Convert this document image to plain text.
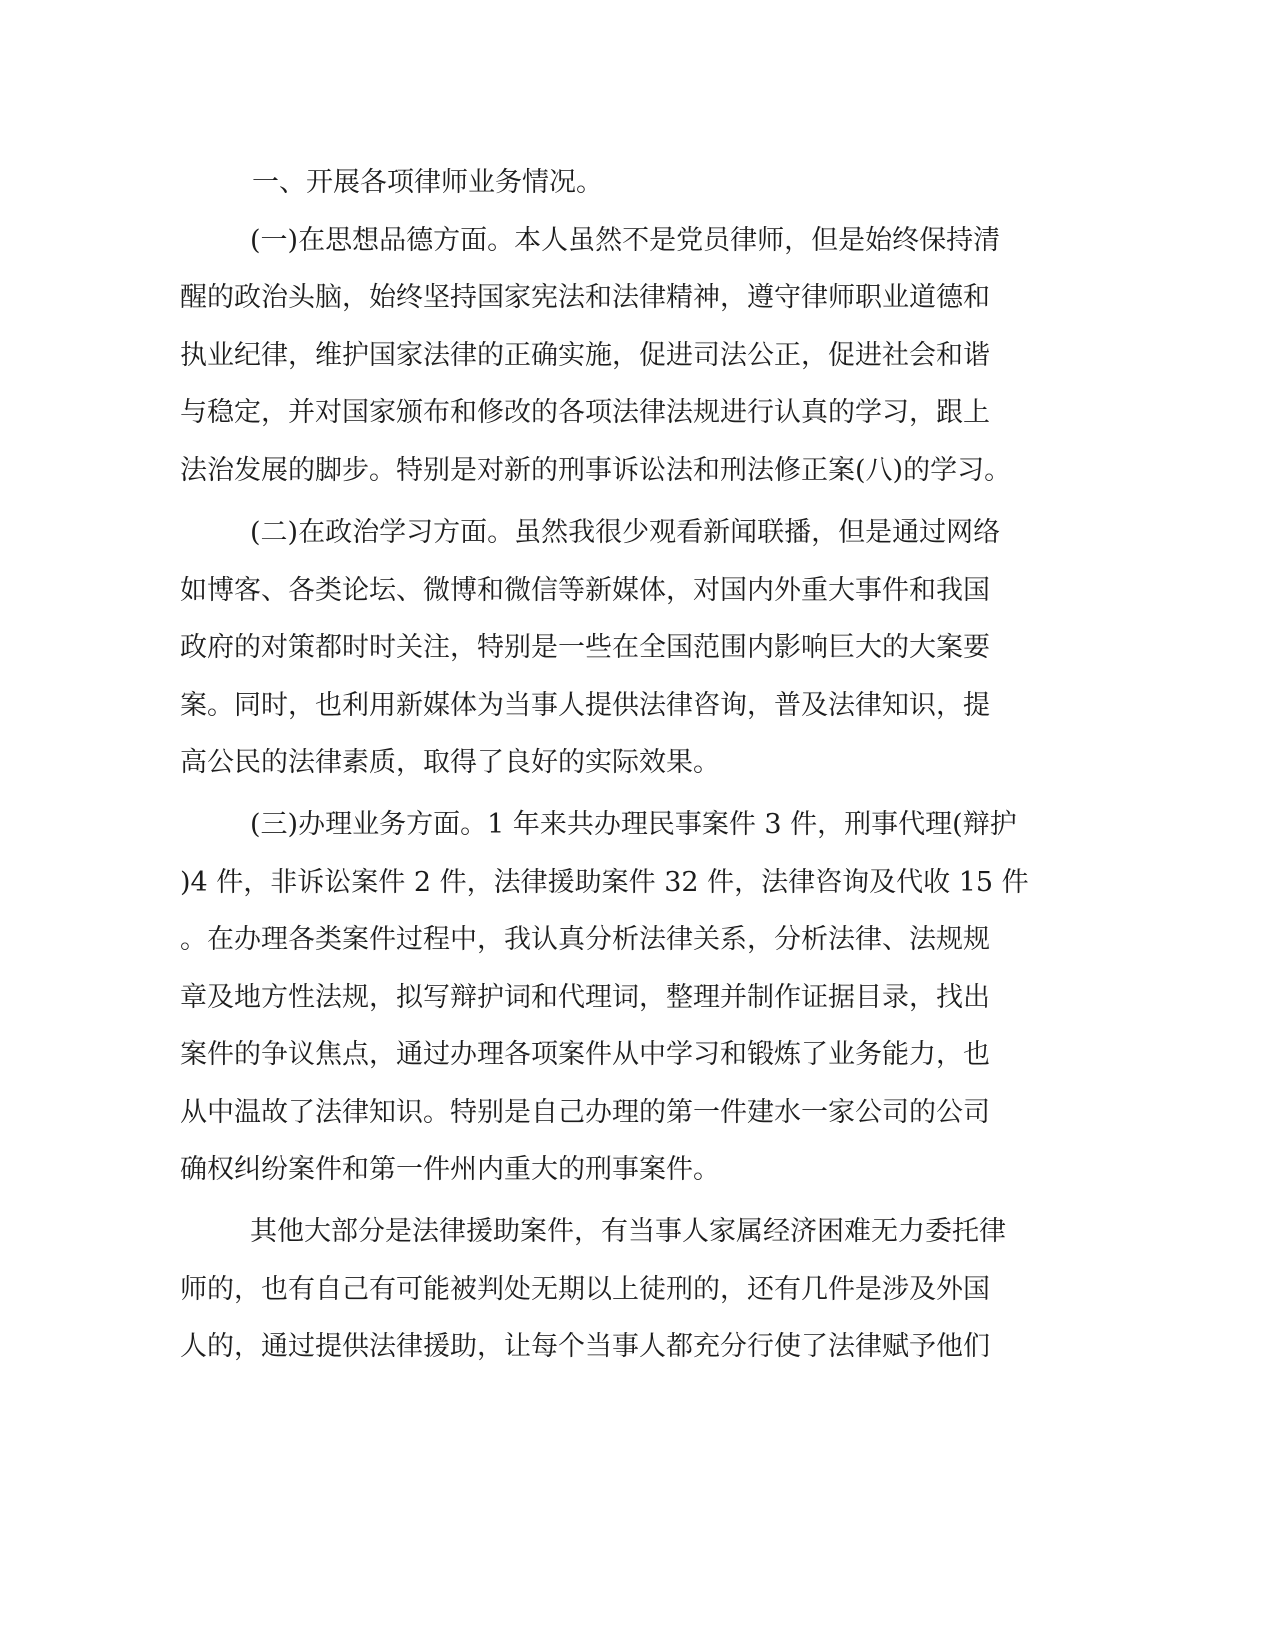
一、开展各项律师业务情况。
(一)在思想品德方面。本人虽然不是党员律师，但是始终保持清
醒的政治头脑，始终坚持国家宪法和法律精神，遵守律师职业道德和
执业纪律，维护国家法律的正确实施，促进司法公正，促进社会和谐
与稳定，并对国家颁布和修改的各项法律法规进行认真的学习，跟上
法治发展的脚步。特别是对新的刑事诉讼法和刑法修正案(八)的学习。
(二)在政治学习方面。虽然我很少观看新闻联播，但是通过网络
如博客、各类论坛、微博和微信等新媒体，对国内外重大事件和我国
政府的对策都时时关注，特别是一些在全国范围内影响巨大的大案要
案。同时，也利用新媒体为当事人提供法律咨询，普及法律知识，提
高公民的法律素质，取得了良好的实际效果。
(三)办理业务方面。1 年来共办理民事案件 3 件，刑事代理(辩护
)4 件，非诉讼案件 2 件，法律援助案件 32 件，法律咨询及代收 15 件
。在办理各类案件过程中，我认真分析法律关系，分析法律、法规规
章及地方性法规，拟写辩护词和代理词，整理并制作证据目录，找出
案件的争议焦点，通过办理各项案件从中学习和锻炼了业务能力，也
从中温故了法律知识。特别是自己办理的第一件建水一家公司的公司
确权纠纷案件和第一件州内重大的刑事案件。
其他大部分是法律援助案件，有当事人家属经济困难无力委托律
师的，也有自己有可能被判处无期以上徒刑的，还有几件是涉及外国
人的，通过提供法律援助，让每个当事人都充分行使了法律赋予他们
